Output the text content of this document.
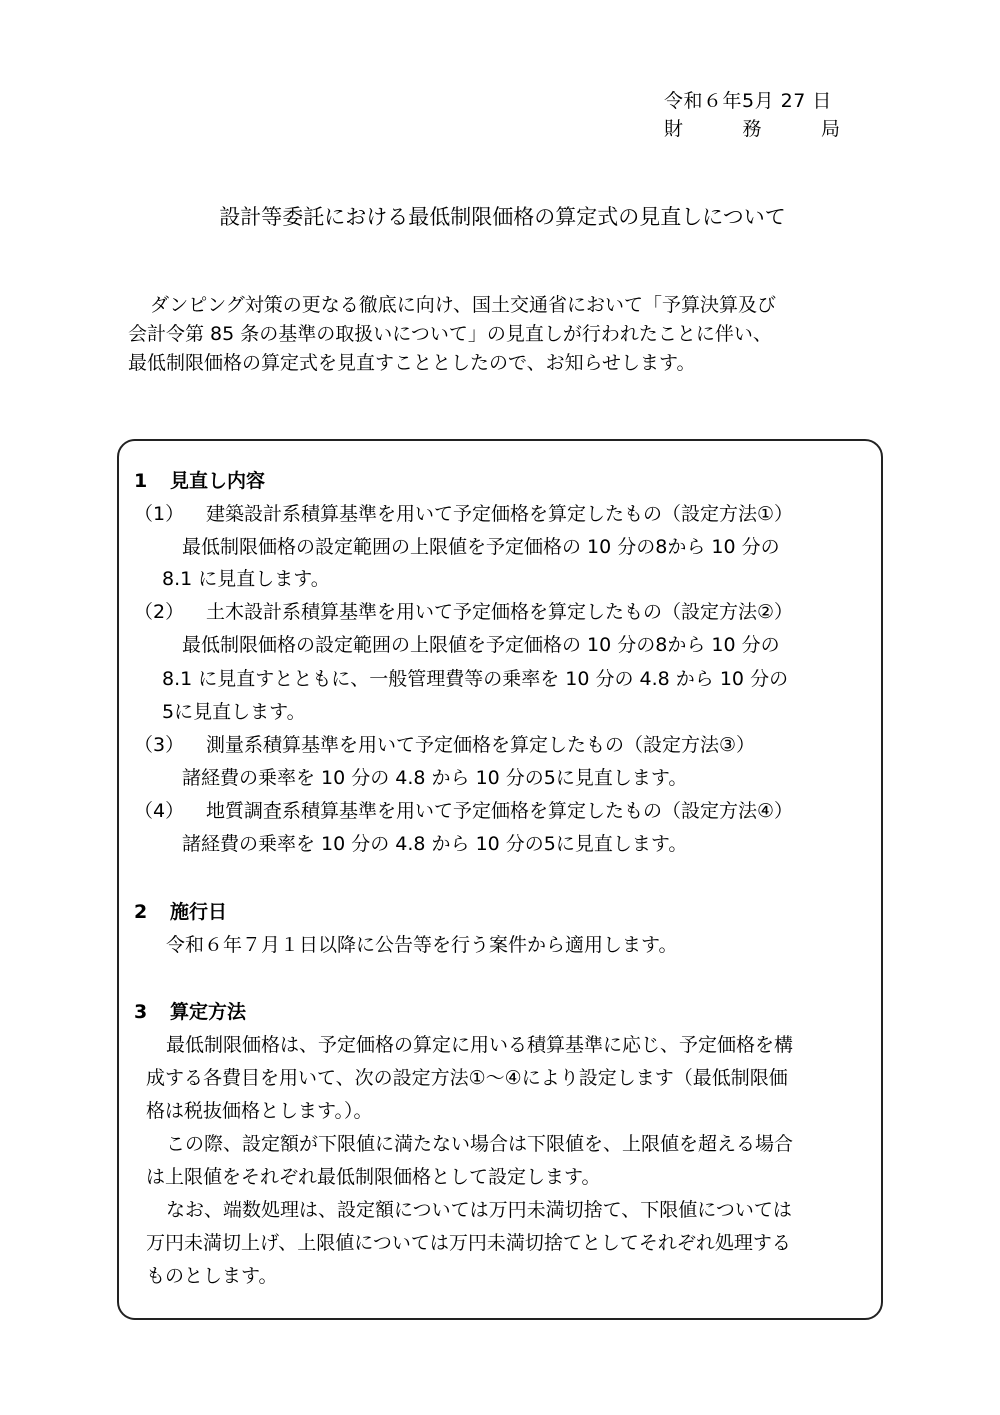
令和６年5月 27 日
財	務	局
設計等委託における最低制限価格の算定式の見直しについて
ダンピング対策の更なる徹底に向け、国土交通省において「予算決算及び
会計令第 85 条の基準の取扱いについて」の見直しが行われたことに伴い、
最低制限価格の算定式を見直すこととしたので、お知らせします。
1 見直し内容
（1） 建築設計系積算基準を用いて予定価格を算定したもの（設定方法①）
最低制限価格の設定範囲の上限値を予定価格の 10 分の8から 10 分の
8.1 に見直します。
（2） 土木設計系積算基準を用いて予定価格を算定したもの（設定方法②）
最低制限価格の設定範囲の上限値を予定価格の 10 分の8から 10 分の
8.1 に見直すとともに、一般管理費等の乗率を 10 分の 4.8 から 10 分の
5に見直します。
（3） 測量系積算基準を用いて予定価格を算定したもの（設定方法③）
諸経費の乗率を 10 分の 4.8 から 10 分の5に見直します。
（4） 地質調査系積算基準を用いて予定価格を算定したもの（設定方法④）
諸経費の乗率を 10 分の 4.8 から 10 分の5に見直します。
2 施行日
令和６年７月１日以降に公告等を行う案件から適用します。
3 算定方法
最低制限価格は、予定価格の算定に用いる積算基準に応じ、予定価格を構
成する各費目を用いて、次の設定方法①～④により設定します（最低制限価
格は税抜価格とします。）。
この際、設定額が下限値に満たない場合は下限値を、上限値を超える場合
は上限値をそれぞれ最低制限価格として設定します。
なお、端数処理は、設定額については万円未満切捨て、下限値については
万円未満切上げ、上限値については万円未満切捨てとしてそれぞれ処理する
ものとします。
